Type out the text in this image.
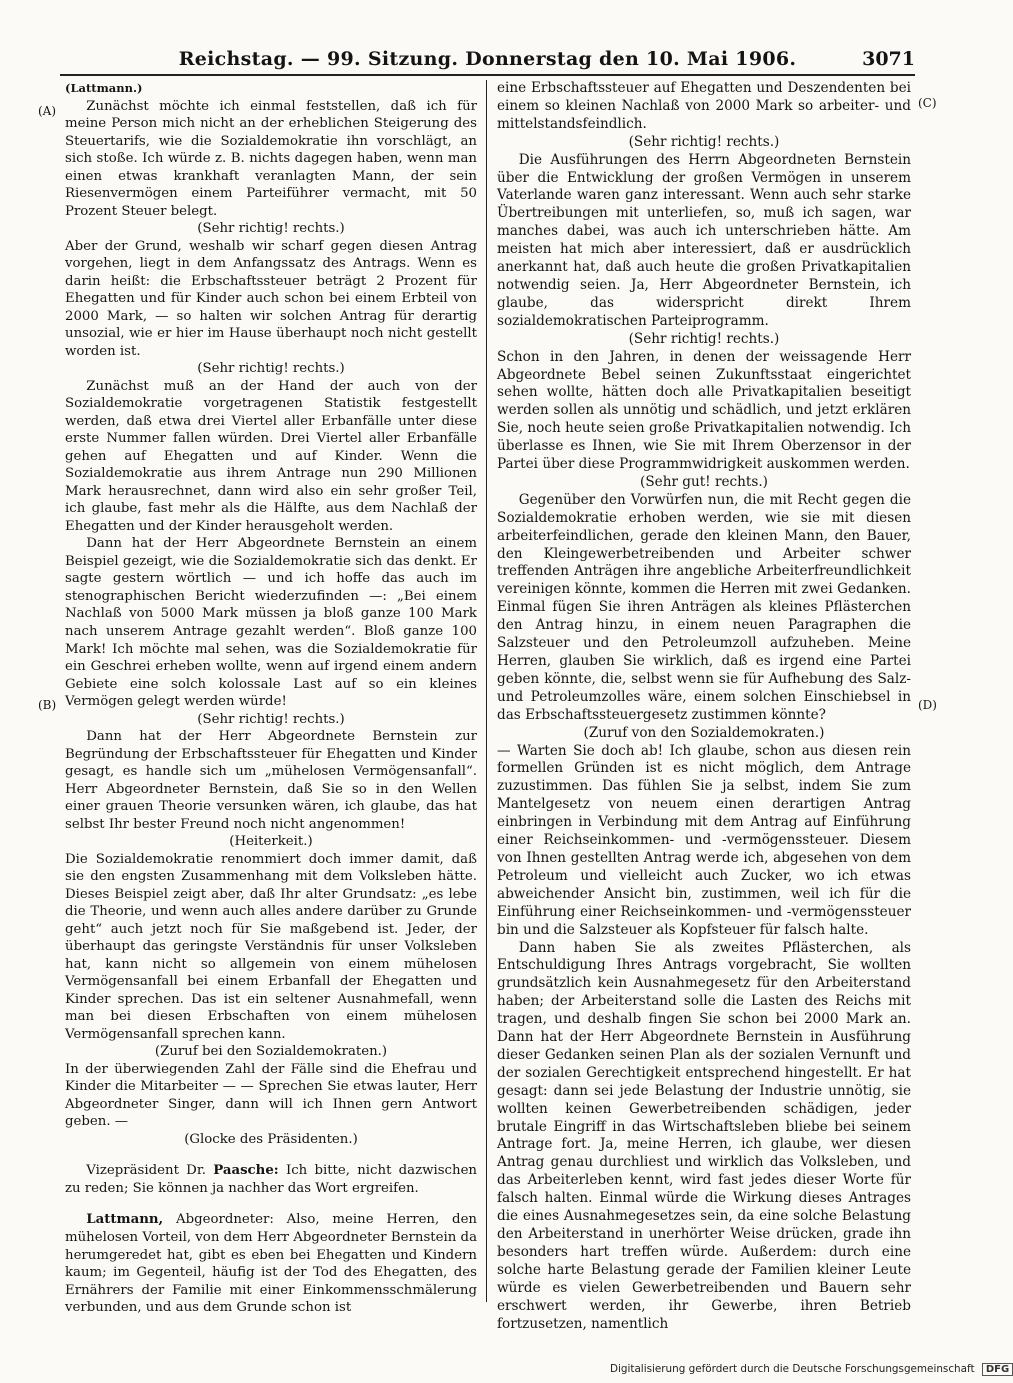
Reichstag. — 99. Sitzung. Donnerstag den 10. Mai 1906.	3071
(A)
(B)
(C)
(D)

(Lattmann.)

Zunächst möchte ich einmal feststellen, daß ich für meine Person mich nicht an der erheblichen Steigerung des Steuertarifs, wie die Sozialdemokratie ihn vorschlägt, an sich stoße. Ich würde z. B. nichts dagegen haben, wenn man einen etwas krankhaft veranlagten Mann, der sein Riesenvermögen einem Parteiführer vermacht, mit 50 Prozent Steuer belegt.

(Sehr richtig! rechts.)

Aber der Grund, weshalb wir scharf gegen diesen Antrag vorgehen, liegt in dem Anfangssatz des Antrags. Wenn es darin heißt: die Erbschaftssteuer beträgt 2 Prozent für Ehegatten und für Kinder auch schon bei einem Erbteil von 2000 Mark, — so halten wir solchen Antrag für derartig unsozial, wie er hier im Hause überhaupt noch nicht gestellt worden ist.

(Sehr richtig! rechts.)

Zunächst muß an der Hand der auch von der Sozialdemokratie vorgetragenen Statistik festgestellt werden, daß etwa drei Viertel aller Erbanfälle unter diese erste Nummer fallen würden. Drei Viertel aller Erbanfälle gehen auf Ehegatten und auf Kinder. Wenn die Sozialdemokratie aus ihrem Antrage nun 290 Millionen Mark herausrechnet, dann wird also ein sehr großer Teil, ich glaube, fast mehr als die Hälfte, aus dem Nachlaß der Ehegatten und der Kinder herausgeholt werden.

Dann hat der Herr Abgeordnete Bernstein an einem Beispiel gezeigt, wie die Sozialdemokratie sich das denkt. Er sagte gestern wörtlich — und ich hoffe das auch im stenographischen Bericht wiederzufinden —: „Bei einem Nachlaß von 5000 Mark müssen ja bloß ganze 100 Mark nach unserem Antrage gezahlt werden“. Bloß ganze 100 Mark! Ich möchte mal sehen, was die Sozialdemokratie für ein Geschrei erheben wollte, wenn auf irgend einem andern Gebiete eine solch kolossale Last auf so ein kleines Vermögen gelegt werden würde!

(Sehr richtig! rechts.)

Dann hat der Herr Abgeordnete Bernstein zur Begründung der Erbschaftssteuer für Ehegatten und Kinder gesagt, es handle sich um „mühelosen Vermögensanfall“. Herr Abgeordneter Bernstein, daß Sie so in den Wellen einer grauen Theorie versunken wären, ich glaube, das hat selbst Ihr bester Freund noch nicht angenommen!

(Heiterkeit.)

Die Sozialdemokratie renommiert doch immer damit, daß sie den engsten Zusammenhang mit dem Volksleben hätte. Dieses Beispiel zeigt aber, daß Ihr alter Grundsatz: „es lebe die Theorie, und wenn auch alles andere darüber zu Grunde geht“ auch jetzt noch für Sie maßgebend ist. Jeder, der überhaupt das geringste Verständnis für unser Volksleben hat, kann nicht so allgemein von einem mühelosen Vermögensanfall bei einem Erbanfall der Ehegatten und Kinder sprechen. Das ist ein seltener Ausnahmefall, wenn man bei diesen Erbschaften von einem mühelosen Vermögensanfall sprechen kann.

(Zuruf bei den Sozialdemokraten.)

In der überwiegenden Zahl der Fälle sind die Ehefrau und Kinder die Mitarbeiter — — Sprechen Sie etwas lauter, Herr Abgeordneter Singer, dann will ich Ihnen gern Antwort geben. —

(Glocke des Präsidenten.)

Vizepräsident Dr. Paasche: Ich bitte, nicht dazwischen zu reden; Sie können ja nachher das Wort ergreifen.

Lattmann, Abgeordneter: Also, meine Herren, den mühelosen Vorteil, von dem Herr Abgeordneter Bernstein da herumgeredet hat, gibt es eben bei Ehegatten und Kindern kaum; im Gegenteil, häufig ist der Tod des Ehegatten, des Ernährers der Familie mit einer Einkommensschmälerung verbunden, und aus dem Grunde schon ist

eine Erbschaftssteuer auf Ehegatten und Deszendenten bei einem so kleinen Nachlaß von 2000 Mark so arbeiter- und mittelstandsfeindlich.

(Sehr richtig! rechts.)

Die Ausführungen des Herrn Abgeordneten Bernstein über die Entwicklung der großen Vermögen in unserem Vaterlande waren ganz interessant. Wenn auch sehr starke Übertreibungen mit unterliefen, so, muß ich sagen, war manches dabei, was auch ich unterschrieben hätte. Am meisten hat mich aber interessiert, daß er ausdrücklich anerkannt hat, daß auch heute die großen Privatkapitalien notwendig seien. Ja, Herr Abgeordneter Bernstein, ich glaube, das widerspricht direkt Ihrem sozialdemokratischen Parteiprogramm.

(Sehr richtig! rechts.)

Schon in den Jahren, in denen der weissagende Herr Abgeordnete Bebel seinen Zukunftsstaat eingerichtet sehen wollte, hätten doch alle Privatkapitalien beseitigt werden sollen als unnötig und schädlich, und jetzt erklären Sie, noch heute seien große Privatkapitalien notwendig. Ich überlasse es Ihnen, wie Sie mit Ihrem Oberzensor in der Partei über diese Programmwidrigkeit auskommen werden.

(Sehr gut! rechts.)

Gegenüber den Vorwürfen nun, die mit Recht gegen die Sozialdemokratie erhoben werden, wie sie mit diesen arbeiterfeindlichen, gerade den kleinen Mann, den Bauer, den Kleingewerbetreibenden und Arbeiter schwer treffenden Anträgen ihre angebliche Arbeiterfreundlichkeit vereinigen könnte, kommen die Herren mit zwei Gedanken. Einmal fügen Sie ihren Anträgen als kleines Pflästerchen den Antrag hinzu, in einem neuen Paragraphen die Salzsteuer und den Petroleumzoll aufzuheben. Meine Herren, glauben Sie wirklich, daß es irgend eine Partei geben könnte, die, selbst wenn sie für Aufhebung des Salz- und Petroleumzolles wäre, einem solchen Einschiebsel in das Erbschaftssteuergesetz zustimmen könnte?

(Zuruf von den Sozialdemokraten.)

— Warten Sie doch ab! Ich glaube, schon aus diesen rein formellen Gründen ist es nicht möglich, dem Antrage zuzustimmen. Das fühlen Sie ja selbst, indem Sie zum Mantelgesetz von neuem einen derartigen Antrag einbringen in Verbindung mit dem Antrag auf Einführung einer Reichseinkommen- und -vermögenssteuer. Diesem von Ihnen gestellten Antrag werde ich, abgesehen von dem Petroleum und vielleicht auch Zucker, wo ich etwas abweichender Ansicht bin, zustimmen, weil ich für die Einführung einer Reichseinkommen- und -vermögenssteuer bin und die Salzsteuer als Kopfsteuer für falsch halte.

Dann haben Sie als zweites Pflästerchen, als Entschuldigung Ihres Antrags vorgebracht, Sie wollten grundsätzlich kein Ausnahmegesetz für den Arbeiterstand haben; der Arbeiterstand solle die Lasten des Reichs mit tragen, und deshalb fingen Sie schon bei 2000 Mark an. Dann hat der Herr Abgeordnete Bernstein in Ausführung dieser Gedanken seinen Plan als der sozialen Vernunft und der sozialen Gerechtigkeit entsprechend hingestellt. Er hat gesagt: dann sei jede Belastung der Industrie unnötig, sie wollten keinen Gewerbetreibenden schädigen, jeder brutale Eingriff in das Wirtschaftsleben bliebe bei seinem Antrage fort. Ja, meine Herren, ich glaube, wer diesen Antrag genau durchliest und wirklich das Volksleben, und das Arbeiterleben kennt, wird fast jedes dieser Worte für falsch halten. Einmal würde die Wirkung dieses Antrages die eines Ausnahmegesetzes sein, da eine solche Belastung den Arbeiterstand in unerhörter Weise drücken, grade ihn besonders hart treffen würde. Außerdem: durch eine solche harte Belastung gerade der Familien kleiner Leute würde es vielen Gewerbetreibenden und Bauern sehr erschwert werden, ihr Gewerbe, ihren Betrieb fortzusetzen, namentlich

Digitalisierung gefördert durch die Deutsche Forschungsgemeinschaft DFG
